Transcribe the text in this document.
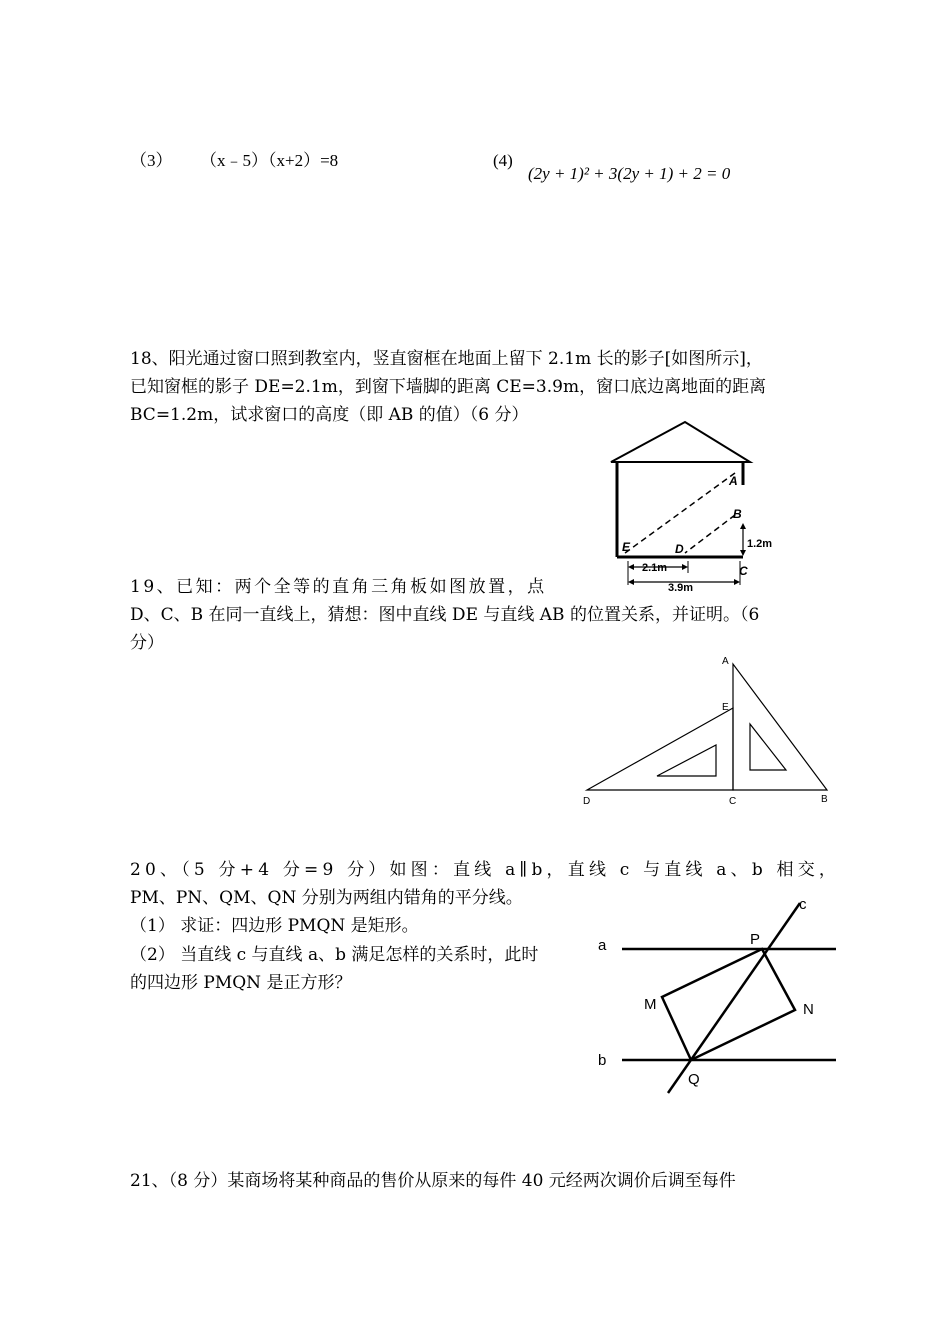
（3） （x﹣5）（x+2）=8	(4)
(2y + 1)² + 3(2y + 1) + 2 = 0
18、阳光通过窗口照到教室内，竖直窗框在地面上留下 2.1m 长的影子[如图所示]，
已知窗框的影子 DE=2.1m，到窗下墙脚的距离 CE=3.9m，窗口底边离地面的距离
BC=1.2m，试求窗口的高度（即 AB 的值）（6 分）
A
B
C
D
E	1.2m
2.1m
3.9m
19、已知：两个全等的直角三角板如图放置，点
D、C、B 在同一直线上，猜想：图中直线 DE 与直线 AB 的位置关系，并证明。（6
分）
A
E
D	C	B
20、（5 分+4 分=9 分）如图：直线 a∥b，直线 c 与直线 a、b 相交，
PM、PN、QM、QN 分别为两组内错角的平分线。
（1） 求证：四边形 PMQN 是矩形。
（2） 当直线 c 与直线 a、b 满足怎样的关系时，此时
的四边形 PMQN 是正方形？
a
b
c
P
Q
M	N
21、（8 分）某商场将某种商品的售价从原来的每件 40 元经两次调价后调至每件
